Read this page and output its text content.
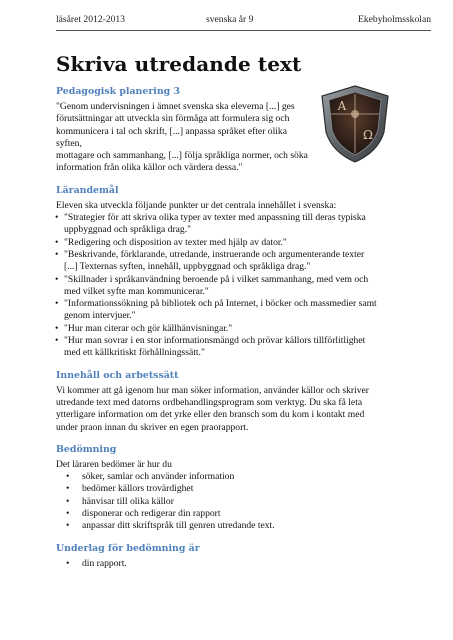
läsåret 2012-2013	svenska år 9	Ekebyholmsskolan
Skriva utredande text
A
Ω
Pedagogisk planering 3

"Genom undervisningen i ämnet svenska ska eleverna [...] ges
förutsättningar att utveckla sin förmåga att formulera sig och
kommunicera i tal och skrift, [...] anpassa språket efter olika syften,
mottagare och sammanhang, [...] följa språkliga normer, och söka
information från olika källor och värdera dessa."

Lärandemål

Eleven ska utveckla följande punkter ur det centrala innehållet i svenska:

• "Strategier för att skriva olika typer av texter med anpassning till deras typiska
uppbyggnad och språkliga drag."
• "Redigering och disposition av texter med hjälp av dator."
• "Beskrivande, förklarande, utredande, instruerande och argumenterande texter
[...] Texternas syften, innehåll, uppbyggnad och språkliga drag."
• "Skillnader i språkanvändning beroende på i vilket sammanhang, med vem och
med vilket syfte man kommunicerar."
• "Informationssökning på bibliotek och på Internet, i böcker och massmedier samt
genom intervjuer."
• "Hur man citerar och gör källhänvisningar."
• "Hur man sovrar i en stor informationsmängd och prövar källors tillförlitlighet
med ett källkritiskt förhållningssätt."
Innehåll och arbetssätt

Vi kommer att gå igenom hur man söker information, använder källor och skriver
utredande text med datorns ordbehandlingsprogram som verktyg. Du ska få leta
ytterligare information om det yrke eller den bransch som du kom i kontakt med
under praon innan du skriver en egen praorapport.

Bedömning

Det läraren bedömer är hur du

• söker, samlar och använder information
• bedömer källors trovärdighet
• hänvisar till olika källor
• disponerar och redigerar din rapport
• anpassar ditt skriftspråk till genren utredande text.
Underlag för bedömning är
• din rapport.
